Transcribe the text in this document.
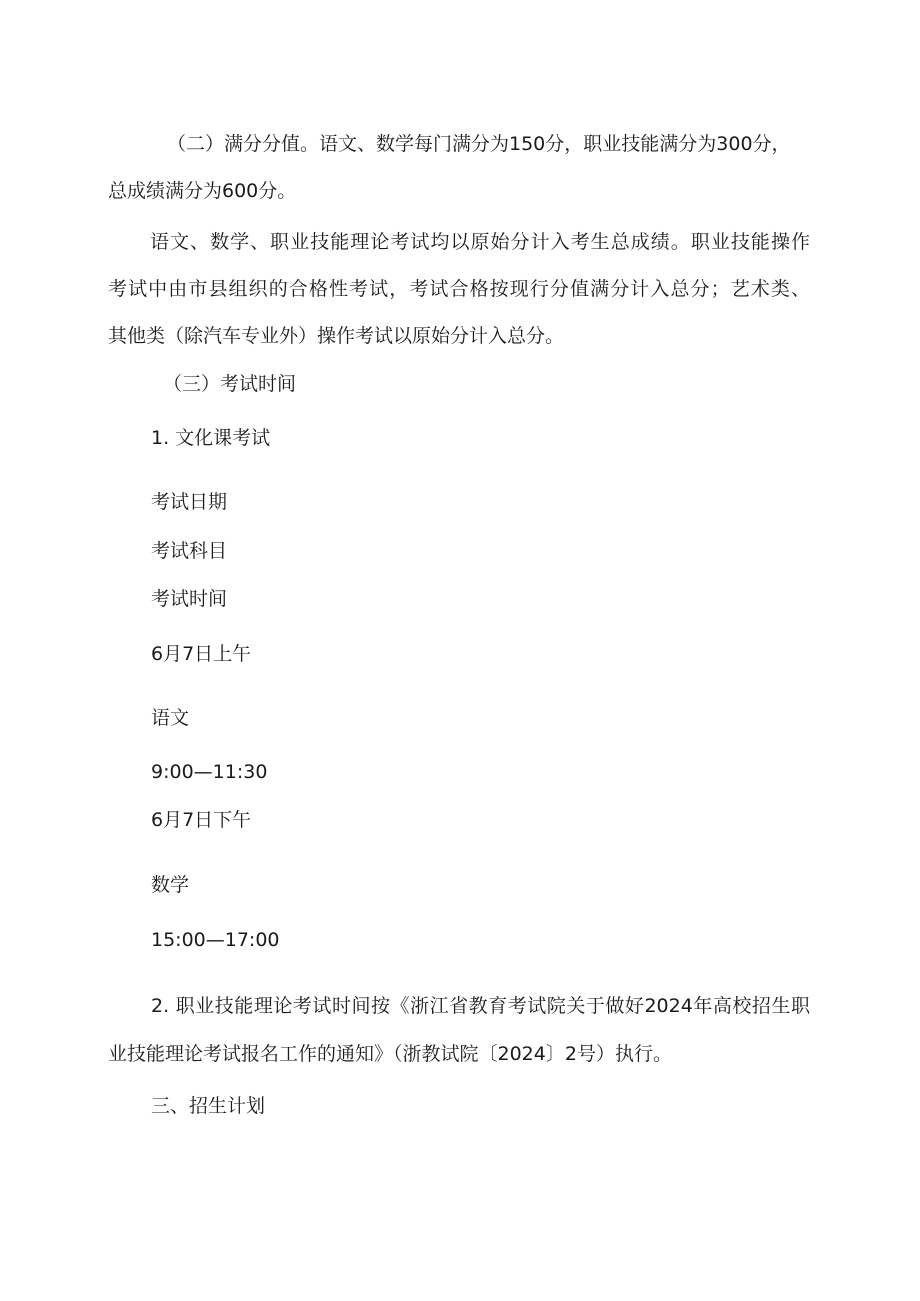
（二）满分分值。语文、数学每门满分为150分，职业技能满分为300分，

总成绩满分为600分。

语文、数学、职业技能理论考试均以原始分计入考生总成绩。职业技能操作

考试中由市县组织的合格性考试，考试合格按现行分值满分计入总分；艺术类、

其他类（除汽车专业外）操作考试以原始分计入总分。

（三）考试时间

1. 文化课考试

考试日期

考试科目

考试时间

6月7日上午

语文

9:00—11:30

6月7日下午

数学

15:00—17:00

2. 职业技能理论考试时间按《浙江省教育考试院关于做好2024年高校招生职

业技能理论考试报名工作的通知》（浙教试院〔2024〕2号）执行。

三、招生计划
